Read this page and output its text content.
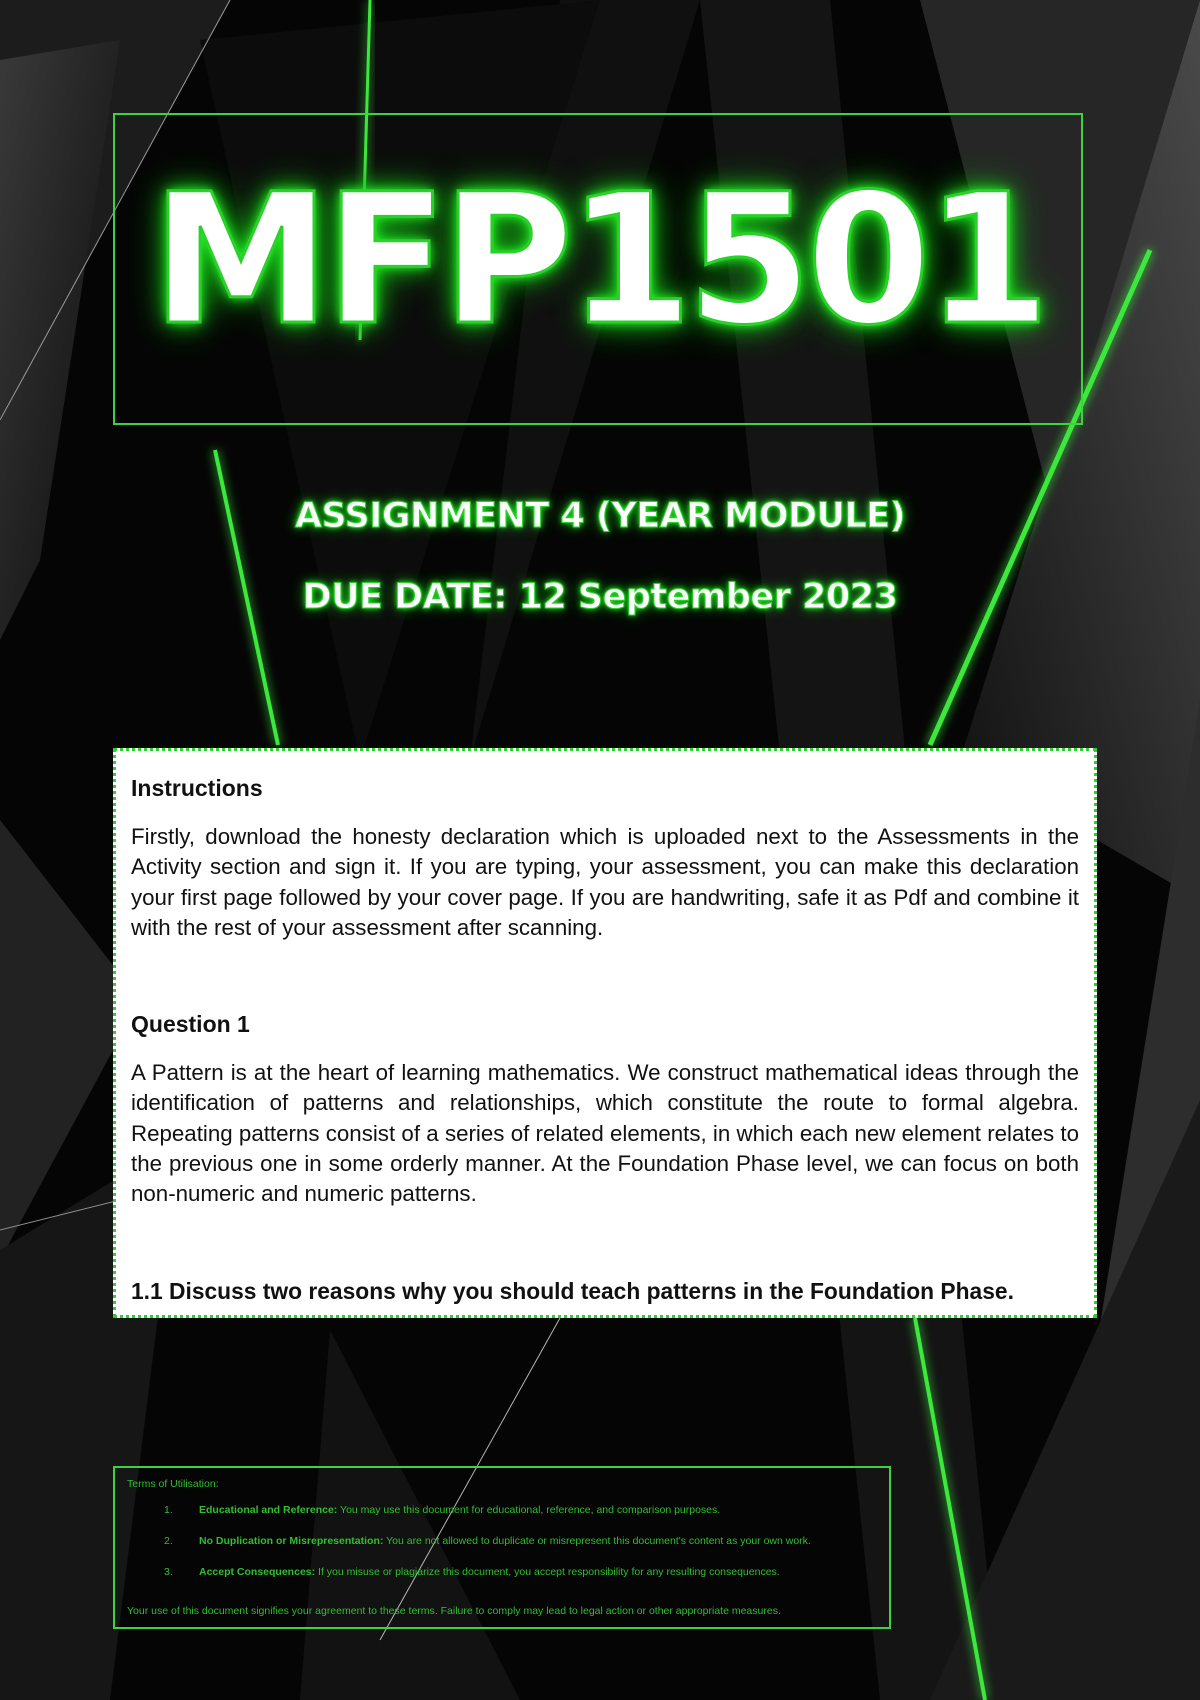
MFP1501
ASSIGNMENT 4 (YEAR MODULE)
DUE DATE: 12 September 2023
Instructions

Firstly, download the honesty declaration which is uploaded next to the Assessments in the Activity section and sign it. If you are typing, your assessment, you can make this declaration your first page followed by your cover page. If you are handwriting, safe it as Pdf and combine it with the rest of your assessment after scanning.

Question 1

A Pattern is at the heart of learning mathematics. We construct mathematical ideas through the identification of patterns and relationships, which constitute the route to formal algebra. Repeating patterns consist of a series of related elements, in which each new element relates to the previous one in some orderly manner. At the Foundation Phase level, we can focus on both non-numeric and numeric patterns.

1.1 Discuss two reasons why you should teach patterns in the Foundation Phase.

Terms of Utilisation:

1.	Educational and Reference: You may use this document for educational, reference, and comparison purposes.
2.	No Duplication or Misrepresentation: You are not allowed to duplicate or misrepresent this document's content as your own work.
3.	Accept Consequences: If you misuse or plagiarize this document, you accept responsibility for any resulting consequences.

Your use of this document signifies your agreement to these terms. Failure to comply may lead to legal action or other appropriate measures.
